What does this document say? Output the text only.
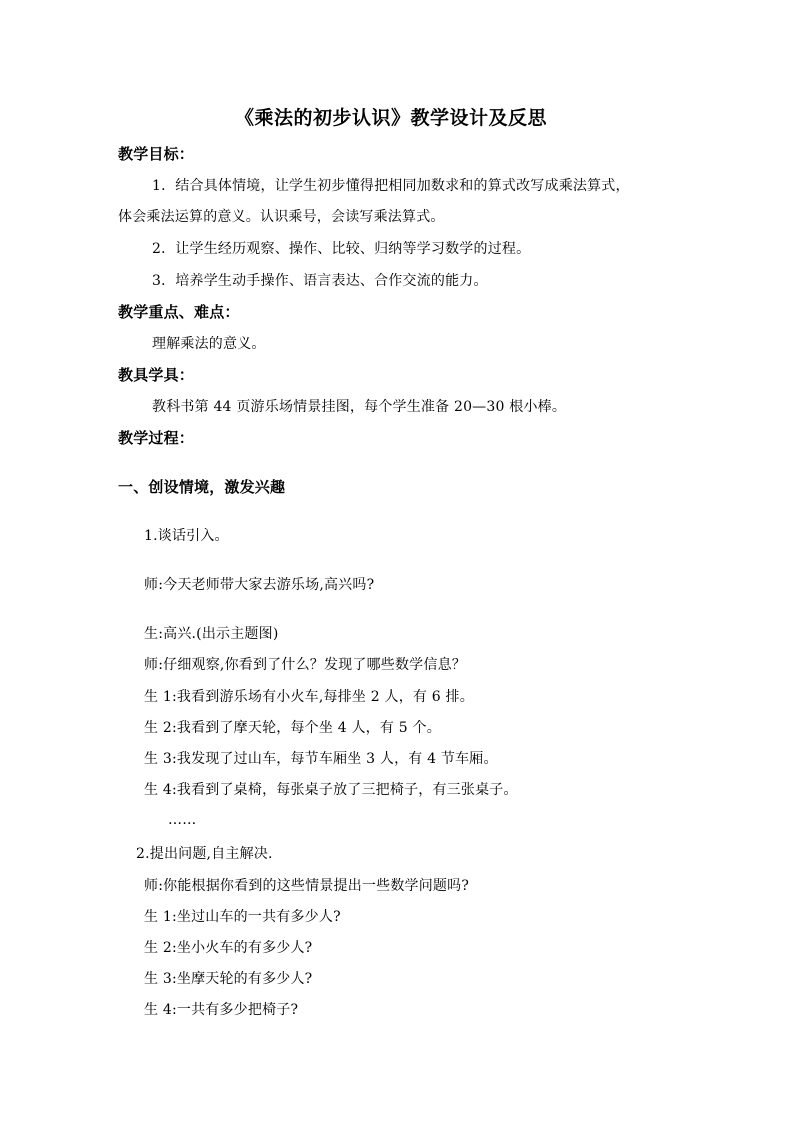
《乘法的初步认识》教学设计及反思
教学目标：
1．结合具体情境，让学生初步懂得把相同加数求和的算式改写成乘法算式，
体会乘法运算的意义。认识乘号，会读写乘法算式。
2．让学生经历观察、操作、比较、归纳等学习数学的过程。
3．培养学生动手操作、语言表达、合作交流的能力。
教学重点、难点：
理解乘法的意义。
教具学具：
教科书第 44 页游乐场情景挂图，每个学生准备 20—30 根小棒。
教学过程：
一、创设情境，激发兴趣
1.谈话引入。
师:今天老师带大家去游乐场,高兴吗?
生:高兴.(出示主题图)
师:仔细观察,你看到了什么？发现了哪些数学信息？
生 1:我看到游乐场有小火车,每排坐 2 人，有 6 排。
生 2:我看到了摩天轮，每个坐 4 人，有 5 个。
生 3:我发现了过山车，每节车厢坐 3 人，有 4 节车厢。
生 4:我看到了桌椅，每张桌子放了三把椅子，有三张桌子。
……
2.提出问题,自主解决.
师:你能根据你看到的这些情景提出一些数学问题吗?
生 1:坐过山车的一共有多少人?
生 2:坐小火车的有多少人?
生 3:坐摩天轮的有多少人?
生 4:一共有多少把椅子?
